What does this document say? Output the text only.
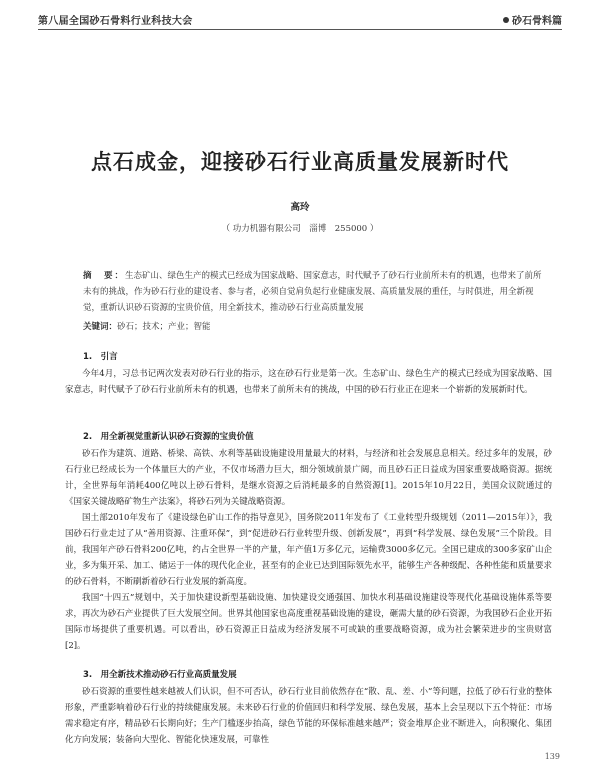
第八届全国砂石骨料行业科技大会	砂石骨料篇
点石成金，迎接砂石行业高质量发展新时代
高玲
（ 功力机器有限公司　淄博　255000 ）
摘　要：生态矿山、绿色生产的模式已经成为国家战略、国家意志，时代赋予了砂石行业前所未有的机遇，也带来了前所未有的挑战，作为砂石行业的建设者、参与者，必须自觉肩负起行业健康发展、高质量发展的重任，与时俱进，用全新视觉，重新认识砂石资源的宝贵价值，用全新技术，推动砂石行业高质量发展
关键词：砂石；技术；产业；智能
1.　引言
今年4月，习总书记两次发表对砂石行业的指示，这在砂石行业是第一次。生态矿山、绿色生产的模式已经成为国家战略、国家意志，时代赋予了砂石行业前所未有的机遇，也带来了前所未有的挑战，中国的砂石行业正在迎来一个崭新的发展新时代。
2.　用全新视觉重新认识砂石资源的宝贵价值
砂石作为建筑、道路、桥梁、高铁、水利等基础设施建设用量最大的材料，与经济和社会发展息息相关。经过多年的发展，砂石行业已经成长为一个体量巨大的产业，不仅市场潜力巨大，细分领域前景广阔，而且砂石正日益成为国家重要战略资源。据统计，全世界每年消耗400亿吨以上砂石骨料，是继水资源之后消耗最多的自然资源[1]。2015年10月22日，美国众议院通过的《国家关键战略矿物生产法案》，将砂石列为关键战略资源。
国土部2010年发布了《建设绿色矿山工作的指导意见》，国务院2011年发布了《工业转型升级规划（2011—2015年）》，我国砂石行业走过了从“善用资源、注重环保”，到“促进砂石行业转型升级、创新发展”，再到“科学发展、绿色发展”三个阶段。目前，我国年产砂石骨料200亿吨，约占全世界一半的产量，年产值1万多亿元，运输费3000多亿元。全国已建成的300多家矿山企业，多为集开采、加工、储运于一体的现代化企业，甚至有的企业已达到国际领先水平，能够生产各种级配、各种性能和质量要求的砂石骨料，不断刷新着砂石行业发展的新高度。
我国“十四五”规划中，关于加快建设新型基础设施、加快建设交通强国、加快水利基础设施建设等现代化基础设施体系等要求，再次为砂石产业提供了巨大发展空间。世界其他国家也高度重视基础设施的建设，砸需大量的砂石资源，为我国砂石企业开拓国际市场提供了重要机遇。可以看出，砂石资源正日益成为经济发展不可或缺的重要战略资源，成为社会繁荣进步的宝贵财富[2]。
3.　用全新技术推动砂石行业高质量发展
砂石资源的重要性越来越被人们认识，但不可否认，砂石行业目前依然存在“散、乱、差、小”等问题，拉低了砂石行业的整体形象，严重影响着砂石行业的持续健康发展。未来砂石行业的价值回归和科学发展、绿色发展，基本上会呈现以下五个特征：市场需求稳定有序，精品砂石长期向好；生产门槛逐步抬高，绿色节能的环保标准越来越严；资金堆厚企业不断进入，向积聚化、集团化方向发展；装备向大型化、智能化快速发展，可靠性
139
